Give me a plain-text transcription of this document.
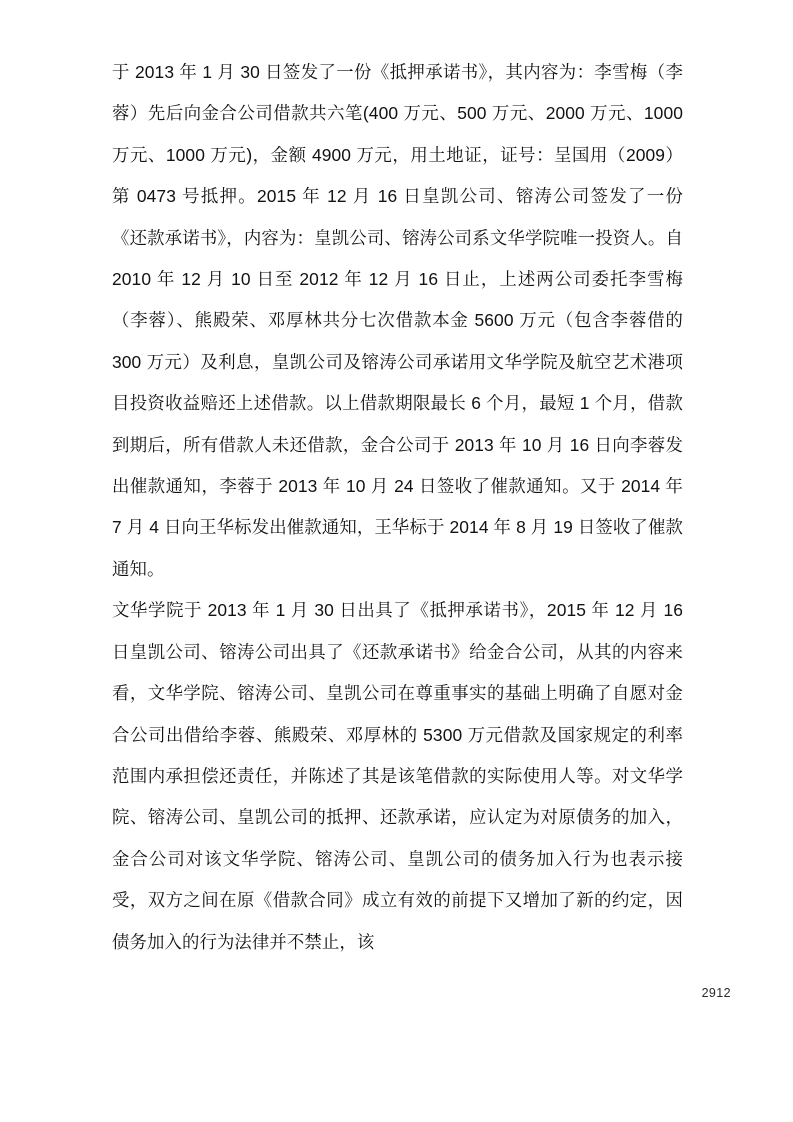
于 2013 年 1 月 30 日签发了一份《抵押承诺书》，其内容为：李雪梅（李蓉）先后向金合公司借款共六笔(400 万元、500 万元、2000 万元、1000 万元、1000 万元)，金额 4900 万元，用土地证，证号：呈国用（2009）第 0473 号抵押。2015 年 12 月 16 日皇凯公司、镕涛公司签发了一份《还款承诺书》，内容为：皇凯公司、镕涛公司系文华学院唯一投资人。自 2010 年 12 月 10 日至 2012 年 12 月 16 日止，上述两公司委托李雪梅（李蓉）、熊殿荣、邓厚林共分七次借款本金 5600 万元（包含李蓉借的 300 万元）及利息，皇凯公司及镕涛公司承诺用文华学院及航空艺术港项目投资收益赔还上述借款。以上借款期限最长 6 个月，最短 1 个月，借款到期后，所有借款人未还借款，金合公司于 2013 年 10 月 16 日向李蓉发出催款通知，李蓉于 2013 年 10 月 24 日签收了催款通知。又于 2014 年 7 月 4 日向王华标发出催款通知，王华标于 2014 年 8 月 19 日签收了催款通知。

文华学院于 2013 年 1 月 30 日出具了《抵押承诺书》，2015 年 12 月 16 日皇凯公司、镕涛公司出具了《还款承诺书》给金合公司，从其的内容来看，文华学院、镕涛公司、皇凯公司在尊重事实的基础上明确了自愿对金合公司出借给李蓉、熊殿荣、邓厚林的 5300 万元借款及国家规定的利率范围内承担偿还责任，并陈述了其是该笔借款的实际使用人等。对文华学院、镕涛公司、皇凯公司的抵押、还款承诺，应认定为对原债务的加入，金合公司对该文华学院、镕涛公司、皇凯公司的债务加入行为也表示接受，双方之间在原《借款合同》成立有效的前提下又增加了新的约定，因债务加入的行为法律并不禁止，该

2912
